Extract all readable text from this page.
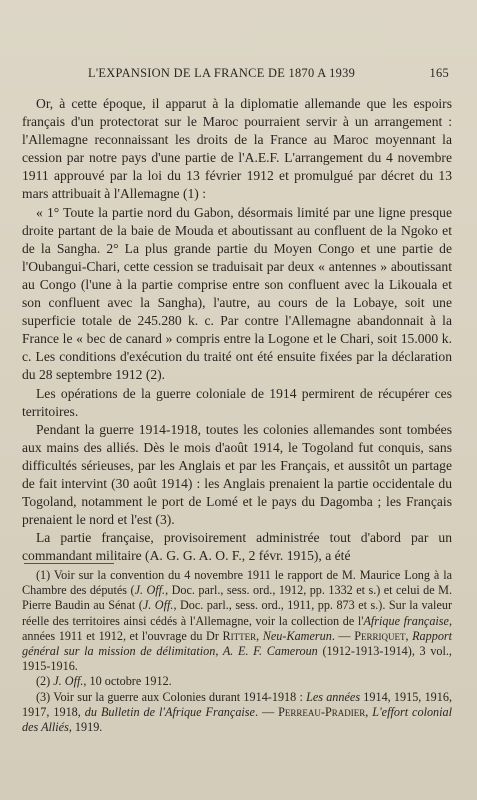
L'EXPANSION DE LA FRANCE DE 1870 A 1939	165

Or, à cette époque, il apparut à la diplomatie allemande que les espoirs français d'un protectorat sur le Maroc pourraient servir à un arrangement : l'Allemagne reconnaissant les droits de la France au Maroc moyennant la cession par notre pays d'une partie de l'A.E.F. L'arrangement du 4 novembre 1911 approuvé par la loi du 13 février 1912 et promulgué par décret du 13 mars attribuait à l'Allemagne (1) :

« 1° Toute la partie nord du Gabon, désormais limité par une ligne presque droite partant de la baie de Mouda et aboutissant au confluent de la Ngoko et de la Sangha. 2° La plus grande partie du Moyen Congo et une partie de l'Oubangui-Chari, cette cession se traduisait par deux « antennes » aboutissant au Congo (l'une à la partie comprise entre son confluent avec la Likouala et son confluent avec la Sangha), l'autre, au cours de la Lobaye, soit une superficie totale de 245.280 k. c. Par contre l'Allemagne abandonnait à la France le « bec de canard » compris entre la Logone et le Chari, soit 15.000 k. c. Les conditions d'exécution du traité ont été ensuite fixées par la déclaration du 28 septembre 1912 (2).

Les opérations de la guerre coloniale de 1914 permirent de récupérer ces territoires.

Pendant la guerre 1914-1918, toutes les colonies allemandes sont tombées aux mains des alliés. Dès le mois d'août 1914, le Togoland fut conquis, sans difficultés sérieuses, par les Anglais et par les Français, et aussitôt un partage de fait intervint (30 août 1914) : les Anglais prenaient la partie occidentale du Togoland, notamment le port de Lomé et le pays du Dagomba ; les Français prenaient le nord et l'est (3).

La partie française, provisoirement administrée tout d'abord par un commandant militaire (A. G. G. A. O. F., 2 févr. 1915), a été

(1) Voir sur la convention du 4 novembre 1911 le rapport de M. Maurice Long à la Chambre des députés (J. Off., Doc. parl., sess. ord., 1912, pp. 1332 et s.) et celui de M. Pierre Baudin au Sénat (J. Off., Doc. parl., sess. ord., 1911, pp. 873 et s.). Sur la valeur réelle des territoires ainsi cédés à l'Allemagne, voir la collection de l'Afrique française, années 1911 et 1912, et l'ouvrage du Dr Ritter, Neu-Kamerun. — Perriquet, Rapport général sur la mission de délimitation, A. E. F. Cameroun (1912-1913-1914), 3 vol., 1915-1916.

(2) J. Off., 10 octobre 1912.

(3) Voir sur la guerre aux Colonies durant 1914-1918 : Les années 1914, 1915, 1916, 1917, 1918, du Bulletin de l'Afrique Française. — Perreau-Pradier, L'effort colonial des Alliés, 1919.
